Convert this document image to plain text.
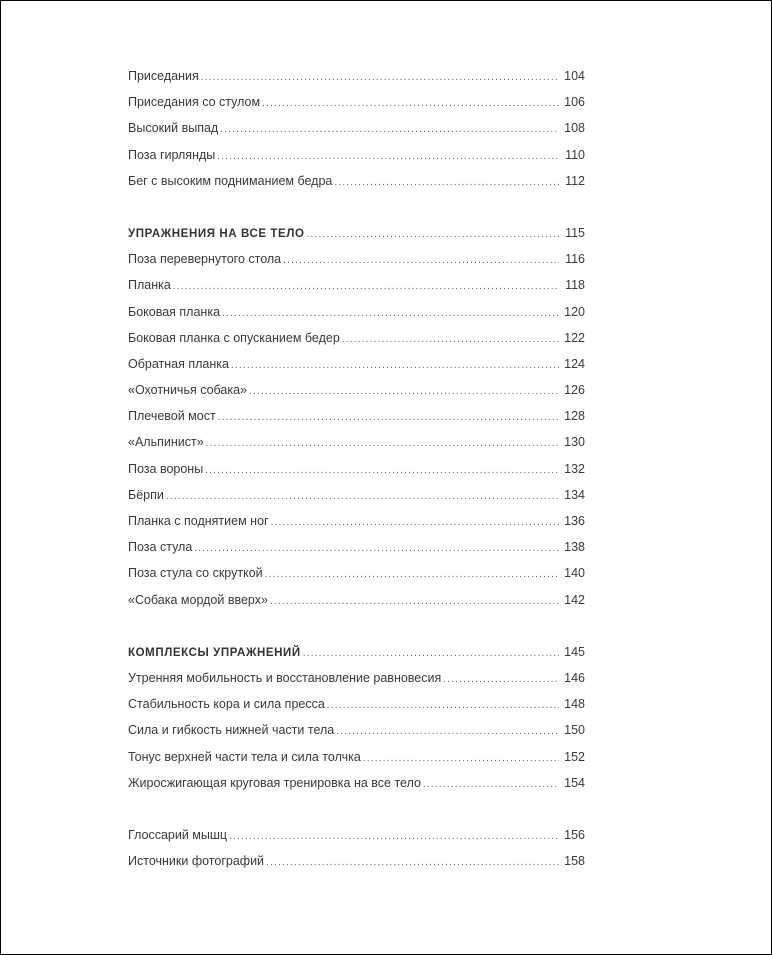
Приседания .....	104
Приседания со стулом .....	106
Высокий выпад .....	108
Поза гирлянды .....	110
Бег с высоким подниманием бедра .....	112
УПРАЖНЕНИЯ НА ВСЕ ТЕЛО .....	115
Поза перевернутого стола .....	116
Планка .....	118
Боковая планка .....	120
Боковая планка с опусканием бедер .....	122
Обратная планка .....	124
«Охотничья собака» .....	126
Плечевой мост .....	128
«Альпинист» .....	130
Поза вороны .....	132
Бёрпи .....	134
Планка с поднятием ног .....	136
Поза стула .....	138
Поза стула со скруткой .....	140
«Собака мордой вверх» .....	142
КОМПЛЕКСЫ УПРАЖНЕНИЙ .....	145
Утренняя мобильность и восстановление равновесия .....	146
Стабильность кора и сила пресса .....	148
Сила и гибкость нижней части тела .....	150
Тонус верхней части тела и сила толчка .....	152
Жиросжигающая круговая тренировка на все тело .....	154
Глоссарий мышц .....	156
Источники фотографий .....	158
